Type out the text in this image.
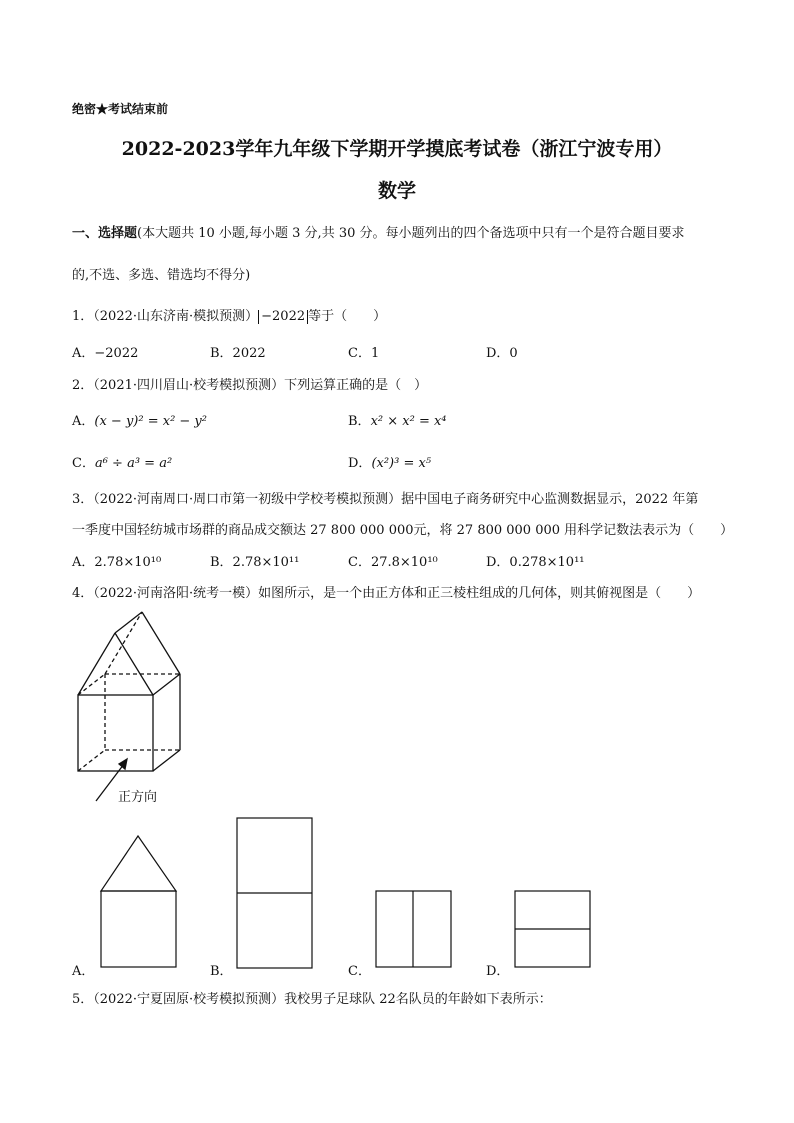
绝密★考试结束前
2022-2023学年九年级下学期开学摸底考试卷（浙江宁波专用）
数学
一、选择题(本大题共 10 小题,每小题 3 分,共 30 分。每小题列出的四个备选项中只有一个是符合题目要求
的,不选、多选、错选均不得分)
1．（2022·山东济南·模拟预测） −2022 等于（　　）
A．−2022	B．2022	C．1	D．0
2．（2021·四川眉山·校考模拟预测）下列运算正确的是（　）
A．(x − y)² = x² − y²	B．x² × x² = x⁴
C．a⁶ ÷ a³ = a²	D．(x²)³ = x⁵
3．（2022·河南周口·周口市第一初级中学校考模拟预测）据中国电子商务研究中心监测数据显示，2022 年第
一季度中国轻纺城市场群的商品成交额达 27 800 000 000元，将 27 800 000 000 用科学记数法表示为（　　）
A．2.78×10¹⁰	B．2.78×10¹¹	C．27.8×10¹⁰	D．0.278×10¹¹
4．（2022·河南洛阳·统考一模）如图所示，是一个由正方体和正三棱柱组成的几何体，则其俯视图是（　　）
正方向
A．	B．	C．	D．
5．（2022·宁夏固原·校考模拟预测）我校男子足球队 22名队员的年龄如下表所示：
